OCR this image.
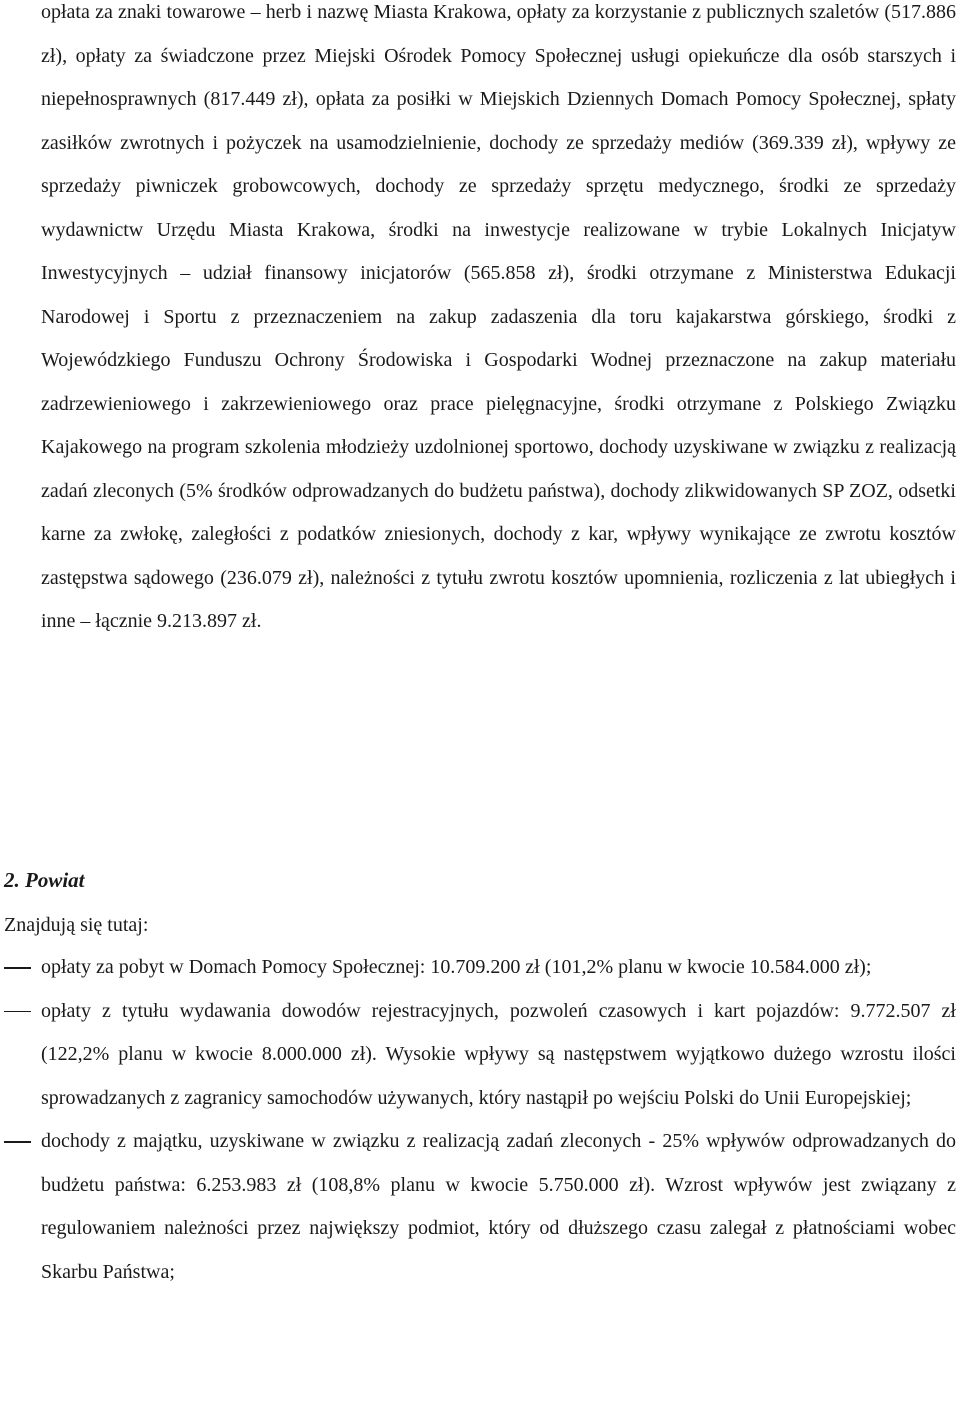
opłata za znaki towarowe – herb i nazwę Miasta Krakowa, opłaty za korzystanie z publicznych szaletów (517.886 zł), opłaty za świadczone przez Miejski Ośrodek Pomocy Społecznej usługi opiekuńcze dla osób starszych i niepełnosprawnych (817.449 zł), opłata za posiłki w Miejskich Dziennych Domach Pomocy Społecznej, spłaty zasiłków zwrotnych i pożyczek na usamodzielnienie, dochody ze sprzedaży mediów (369.339 zł), wpływy ze sprzedaży piwniczek grobowcowych, dochody ze sprzedaży sprzętu medycznego, środki ze sprzedaży wydawnictw Urzędu Miasta Krakowa, środki na inwestycje realizowane w trybie Lokalnych Inicjatyw Inwestycyjnych – udział finansowy inicjatorów (565.858 zł), środki otrzymane z Ministerstwa Edukacji Narodowej i Sportu z przeznaczeniem na zakup zadaszenia dla toru kajakarstwa górskiego, środki z Wojewódzkiego Funduszu Ochrony Środowiska i Gospodarki Wodnej przeznaczone na zakup materiału zadrzewieniowego i zakrzewieniowego oraz prace pielęgnacyjne, środki otrzymane z Polskiego Związku Kajakowego na program szkolenia młodzieży uzdolnionej sportowo, dochody uzyskiwane w związku z realizacją zadań zleconych (5% środków odprowadzanych do budżetu państwa), dochody zlikwidowanych SP ZOZ, odsetki karne za zwłokę, zaległości z podatków zniesionych, dochody z kar, wpływy wynikające ze zwrotu kosztów zastępstwa sądowego (236.079 zł), należności z tytułu zwrotu kosztów upomnienia, rozliczenia z lat ubiegłych i inne – łącznie 9.213.897 zł.

2. Powiat

Znajdują się tutaj:

opłaty za pobyt w Domach Pomocy Społecznej: 10.709.200 zł (101,2% planu w kwocie 10.584.000 zł);
opłaty z tytułu wydawania dowodów rejestracyjnych, pozwoleń czasowych i kart pojazdów: 9.772.507 zł (122,2% planu w kwocie 8.000.000 zł). Wysokie wpływy są następstwem wyjątkowo dużego wzrostu ilości sprowadzanych z zagranicy samochodów używanych, który nastąpił po wejściu Polski do Unii Europejskiej;
dochody z majątku, uzyskiwane w związku z realizacją zadań zleconych - 25% wpływów odprowadzanych do budżetu państwa: 6.253.983 zł (108,8% planu w kwocie 5.750.000 zł). Wzrost wpływów jest związany z regulowaniem należności przez największy podmiot, który od dłuższego czasu zalegał z płatnościami wobec Skarbu Państwa;
